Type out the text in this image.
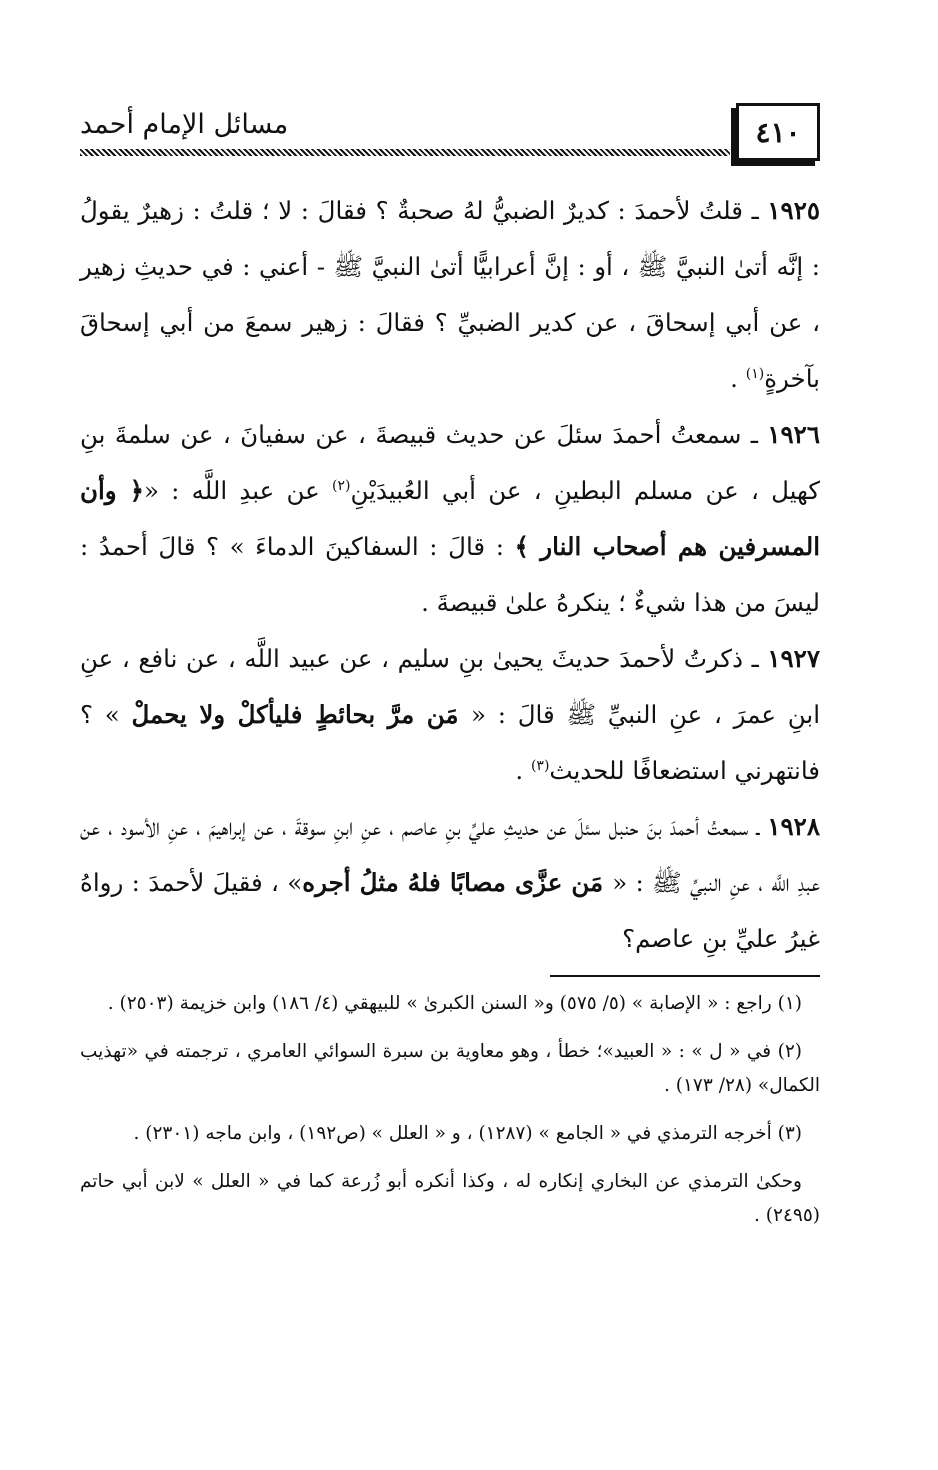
٤١٠
مسائل الإمام أحمد

١٩٢٥ ـ قلتُ لأحمدَ : كديرٌ الضبيُّ لهُ صحبةٌ ؟ فقالَ : لا ؛ قلتُ : زهيرٌ يقولُ : إنَّه أتىٰ النبيَّ ﷺ ، أو : إنَّ أعرابيًّا أتىٰ النبيَّ ﷺ - أعني : في حديثِ زهير ، عن أبي إسحاقَ ، عن كدير الضبيِّ ؟ فقالَ : زهير سمعَ من أبي إسحاقَ بآخرةٍ$^{(١)}$ .

١٩٢٦ ـ سمعتُ أحمدَ سئلَ عن حديث قبيصةَ ، عن سفيانَ ، عن سلمةَ بنِ كهيل ، عن مسلم البطينِ ، عن أبي العُبيدَيْنِ$^{(٢)}$ عن عبدِ اللَّه : «﴿ وأن المسرفين هم أصحاب النار ﴾ : قالَ : السفاكينَ الدماءَ » ؟ قالَ أحمدُ : ليسَ من هذا شيءٌ ؛ ينكرهُ علىٰ قبيصةَ .

١٩٢٧ ـ ذكرتُ لأحمدَ حديثَ يحيىٰ بنِ سليم ، عن عبيد اللَّه ، عن نافع ، عنِ ابنِ عمرَ ، عنِ النبيِّ ﷺ قالَ : « مَن مرَّ بحائطٍ فليأكلْ ولا يحملْ » ؟ فانتهرني استضعافًا للحديث$^{(٣)}$ .

١٩٢٨ ـ سمعتُ أحمدَ بنَ حنبل سئلَ عن حديثِ عليِّ بنِ عاصم ، عنِ ابنِ سوقةَ ، عن إبراهيمَ ، عنِ الأسود ، عن عبدِ اللَّه ، عنِ النبيِّ ﷺ : « مَن عزَّى مصابًا فلهُ مثلُ أجره» ، فقيلَ لأحمدَ : رواهُ غيرُ عليِّ بنِ عاصم؟

(١) راجع : « الإصابة » (٥/ ٥٧٥) و« السنن الكبرىٰ » للبيهقي (٤/ ١٨٦) وابن خزيمة (٢٥٠٣) .

(٢) في « ل » : « العبيد»؛ خطأ ، وهو معاوية بن سبرة السوائي العامري ، ترجمته في «تهذيب الكمال» (٢٨/ ١٧٣) .

(٣) أخرجه الترمذي في « الجامع » (١٢٨٧) ، و « العلل » (ص١٩٢) ، وابن ماجه (٢٣٠١) .

وحكىٰ الترمذي عن البخاري إنكاره له ، وكذا أنكره أبو زُرعة كما في « العلل » لابن أبي حاتم (٢٤٩٥) .
